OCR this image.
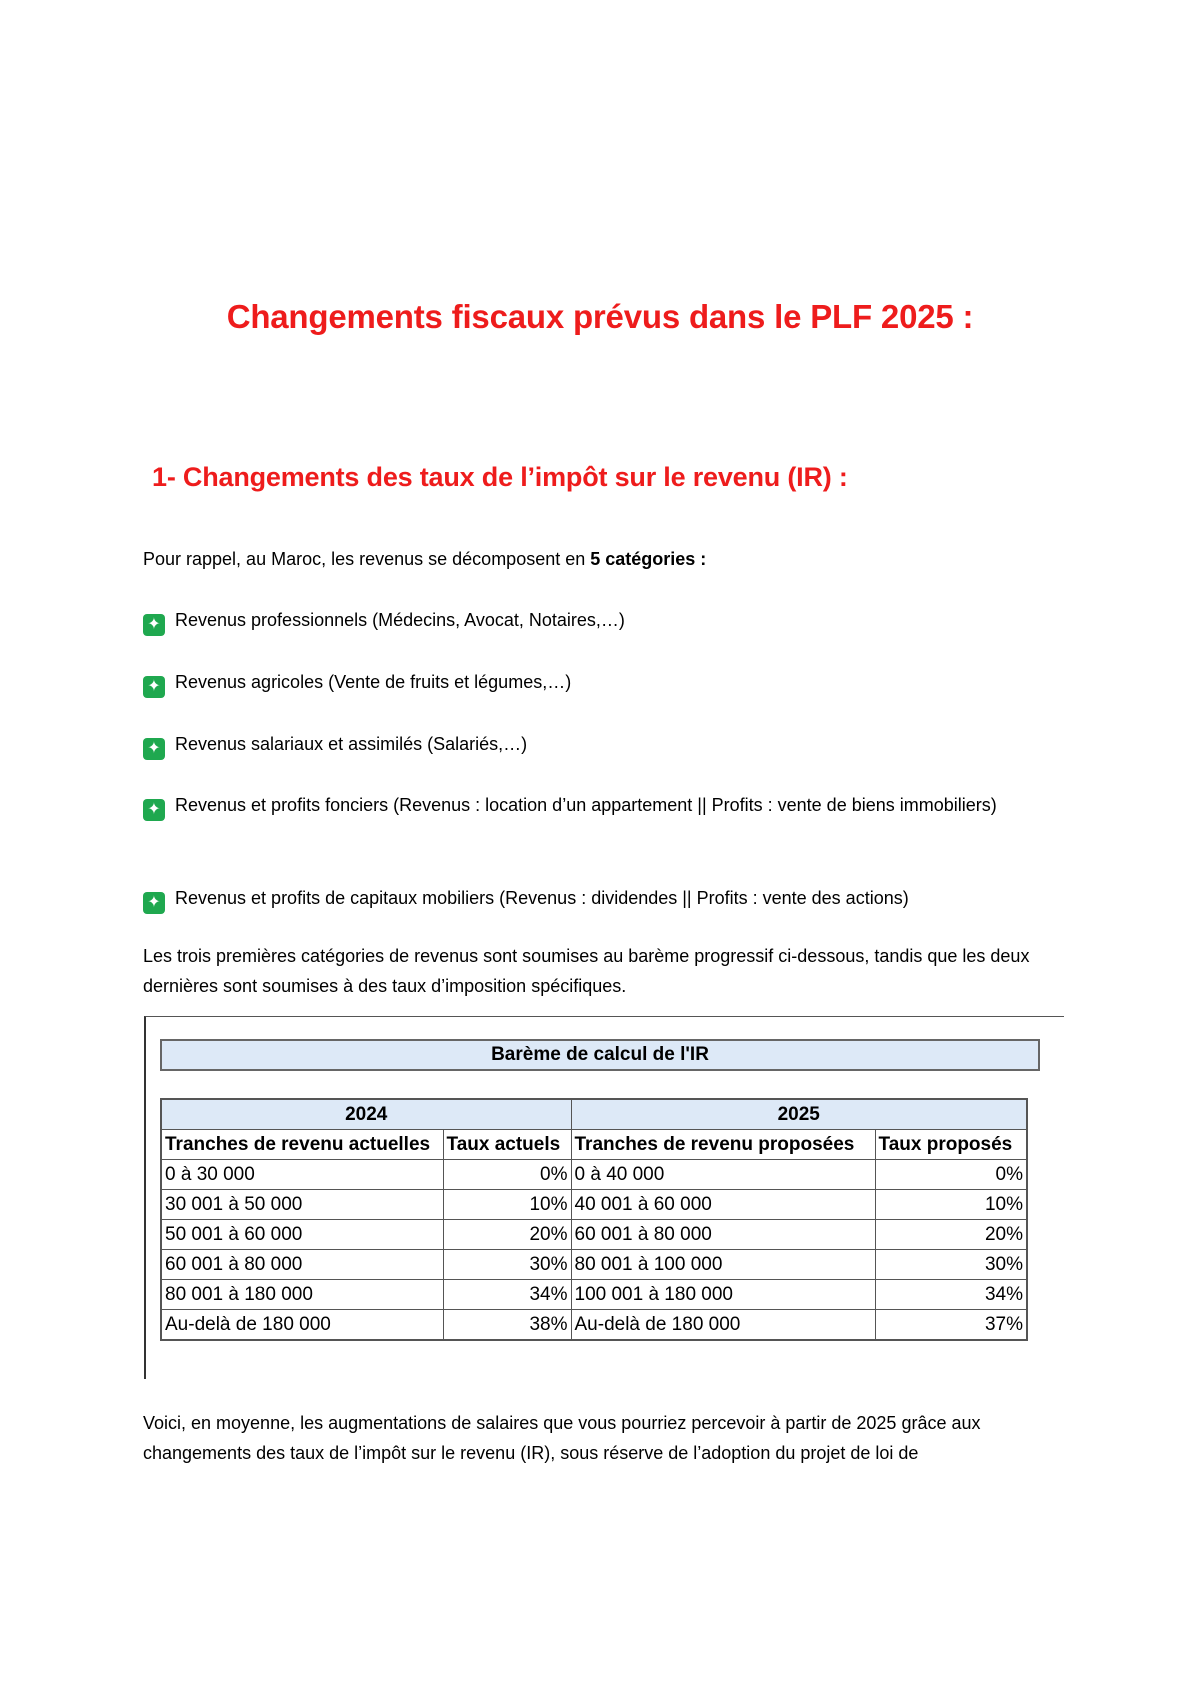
Changements fiscaux prévus dans le PLF 2025 :
1- Changements des taux de l’impôt sur le revenu (IR) :

Pour rappel, au Maroc, les revenus se décomposent en 5 catégories :

✦ Revenus professionnels (Médecins, Avocat, Notaires,…)

✦ Revenus agricoles (Vente de fruits et légumes,…)

✦ Revenus salariaux et assimilés (Salariés,…)

✦ Revenus et profits fonciers (Revenus : location d’un appartement || Profits : vente de biens immobiliers)

✦ Revenus et profits de capitaux mobiliers (Revenus : dividendes || Profits : vente des actions)

Les trois premières catégories de revenus sont soumises au barème progressif ci-dessous, tandis que les deux dernières sont soumises à des taux d’imposition spécifiques.

Barème de calcul de l'IR
2024		2025	
Tranches de revenu actuelles	Taux actuels	Tranches de revenu proposées	Taux proposés
0 à 30 000	0%	0 à 40 000	0%
30 001 à 50 000	10%	40 001 à 60 000	10%
50 001 à 60 000	20%	60 001 à 80 000	20%
60 001 à 80 000	30%	80 001 à 100 000	30%
80 001 à 180 000	34%	100 001 à 180 000	34%
Au-delà de 180 000	38%	Au-delà de 180 000	37%

Voici, en moyenne, les augmentations de salaires que vous pourriez percevoir à partir de 2025 grâce aux changements des taux de l’impôt sur le revenu (IR), sous réserve de l’adoption du projet de loi de
